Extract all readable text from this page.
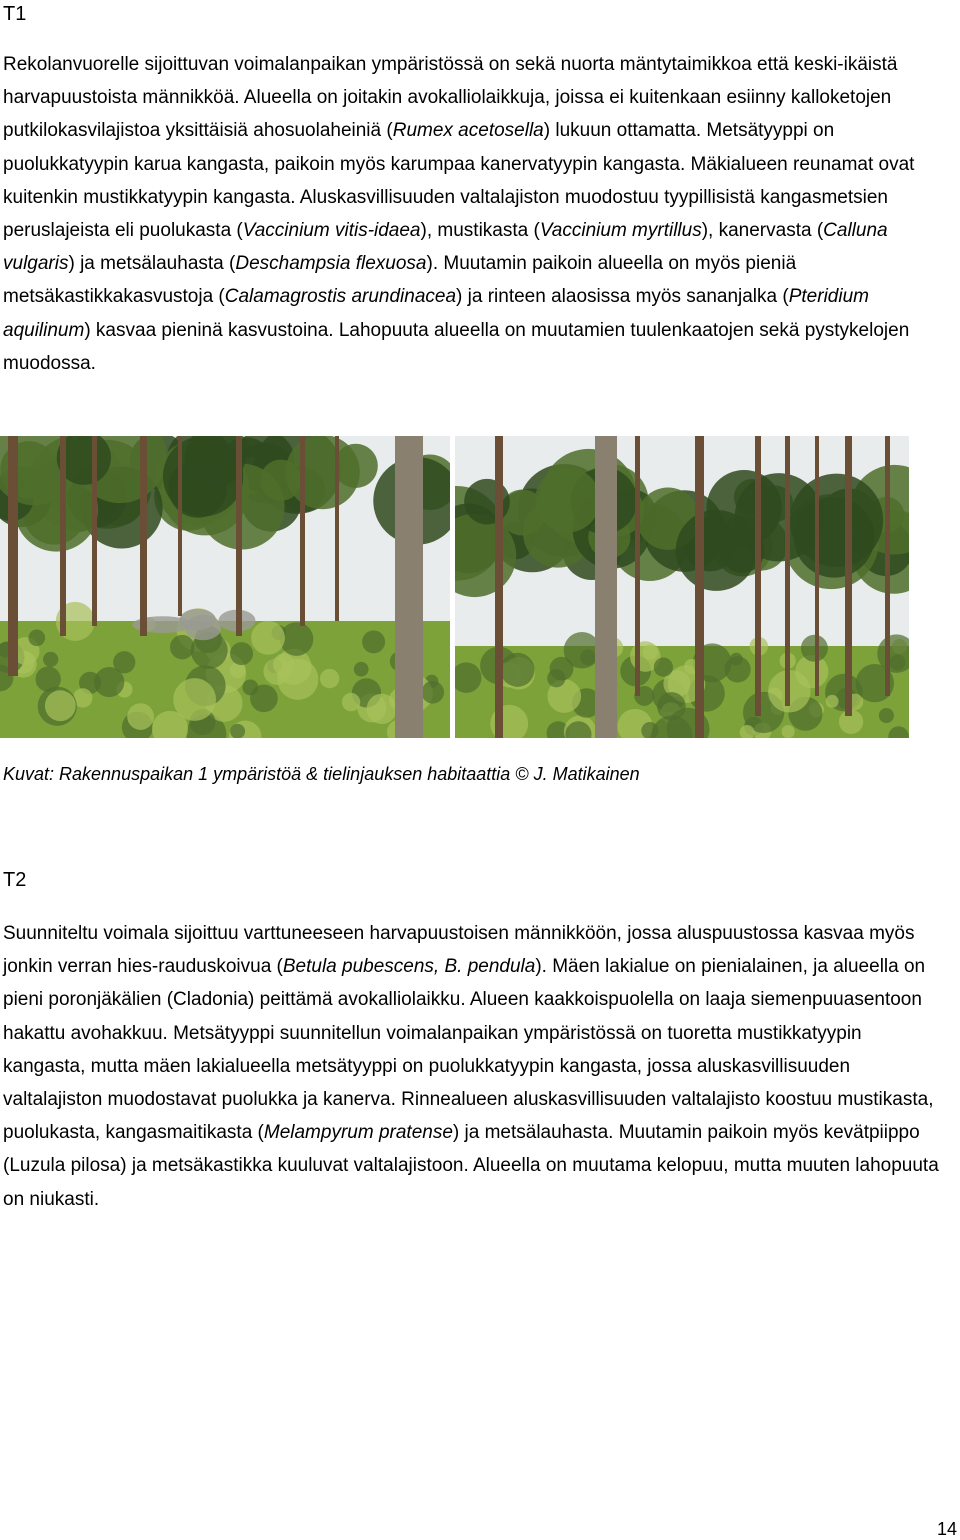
T1
Rekolanvuorelle sijoittuvan voimalanpaikan ympäristössä on sekä nuorta mäntytaimikkoa että keski-ikäistä harvapuustoista männikköä. Alueella on joitakin avokalliolaikkuja, joissa ei kuitenkaan esiinny kalloketojen putkilokasvilajistoa yksittäisiä ahosuolaheiniä (Rumex acetosella) lukuun ottamatta. Metsätyyppi on puolukkatyypin karua kangasta, paikoin myös karumpaa kanervatyypin kangasta. Mäkialueen reunamat ovat kuitenkin mustikkatyypin kangasta. Aluskasvillisuuden valtalajiston muodostuu tyypillisistä kangasmetsien peruslajeista eli puolukasta (Vaccinium vitis-idaea), mustikasta (Vaccinium myrtillus), kanervasta (Calluna vulgaris) ja metsälauhasta (Deschampsia flexuosa). Muutamin paikoin alueella on myös pieniä metsäkastikkakasvustoja (Calamagrostis arundinacea) ja rinteen alaosissa myös sananjalka (Pteridium aquilinum) kasvaa pieninä kasvustoina. Lahopuuta alueella on muutamien tuulenkaatojen sekä pystykelojen muodossa.
Kuvat: Rakennuspaikan 1 ympäristöä & tielinjauksen habitaattia © J. Matikainen
T2
Suunniteltu voimala sijoittuu varttuneeseen harvapuustoisen männikköön, jossa aluspuustossa kasvaa myös jonkin verran hies-rauduskoivua (Betula pubescens, B. pendula). Mäen lakialue on pienialainen, ja alueella on pieni poronjäkälien (Cladonia) peittämä avokalliolaikku. Alueen kaakkoispuolella on laaja siemenpuuasentoon hakattu avohakkuu. Metsätyyppi suunnitellun voimalanpaikan ympäristössä on tuoretta mustikkatyypin kangasta, mutta mäen lakialueella metsätyyppi on puolukkatyypin kangasta, jossa aluskasvillisuuden valtalajiston muodostavat puolukka ja kanerva. Rinnealueen aluskasvillisuuden valtalajisto koostuu mustikasta, puolukasta, kangasmaitikasta (Melampyrum pratense) ja metsälauhasta. Muutamin paikoin myös kevätpiippo (Luzula pilosa) ja metsäkastikka kuuluvat valtalajistoon. Alueella on muutama kelopuu, mutta muuten lahopuuta on niukasti.
14
